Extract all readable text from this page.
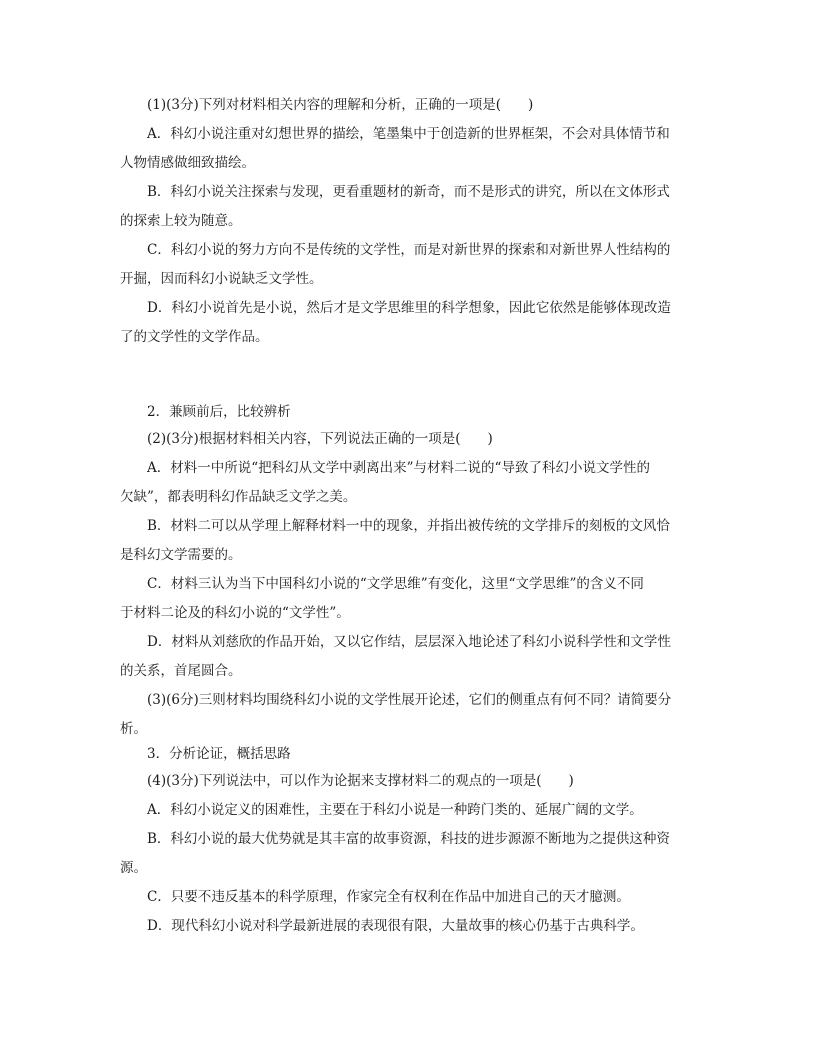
(1)(3分)下列对材料相关内容的理解和分析，正确的一项是(　　)
A．科幻小说注重对幻想世界的描绘，笔墨集中于创造新的世界框架，不会对具体情节和
人物情感做细致描绘。
B．科幻小说关注探索与发现，更看重题材的新奇，而不是形式的讲究，所以在文体形式
的探索上较为随意。
C．科幻小说的努力方向不是传统的文学性，而是对新世界的探索和对新世界人性结构的
开掘，因而科幻小说缺乏文学性。
D．科幻小说首先是小说，然后才是文学思维里的科学想象，因此它依然是能够体现改造
了的文学性的文学作品。
2．兼顾前后，比较辨析
(2)(3分)根据材料相关内容，下列说法正确的一项是(　　)
A．材料一中所说“把科幻从文学中剥离出来”与材料二说的“导致了科幻小说文学性的
欠缺”，都表明科幻作品缺乏文学之美。
B．材料二可以从学理上解释材料一中的现象，并指出被传统的文学排斥的刻板的文风恰
是科幻文学需要的。
C．材料三认为当下中国科幻小说的“文学思维”有变化，这里“文学思维”的含义不同
于材料二论及的科幻小说的“文学性”。
D．材料从刘慈欣的作品开始，又以它作结，层层深入地论述了科幻小说科学性和文学性
的关系，首尾圆合。
(3)(6分)三则材料均围绕科幻小说的文学性展开论述，它们的侧重点有何不同？请简要分
析。
3．分析论证，概括思路
(4)(3分)下列说法中，可以作为论据来支撑材料二的观点的一项是(　　)
A．科幻小说定义的困难性，主要在于科幻小说是一种跨门类的、延展广阔的文学。
B．科幻小说的最大优势就是其丰富的故事资源，科技的进步源源不断地为之提供这种资
源。
C．只要不违反基本的科学原理，作家完全有权利在作品中加进自己的天才臆测。
D．现代科幻小说对科学最新进展的表现很有限，大量故事的核心仍基于古典科学。
